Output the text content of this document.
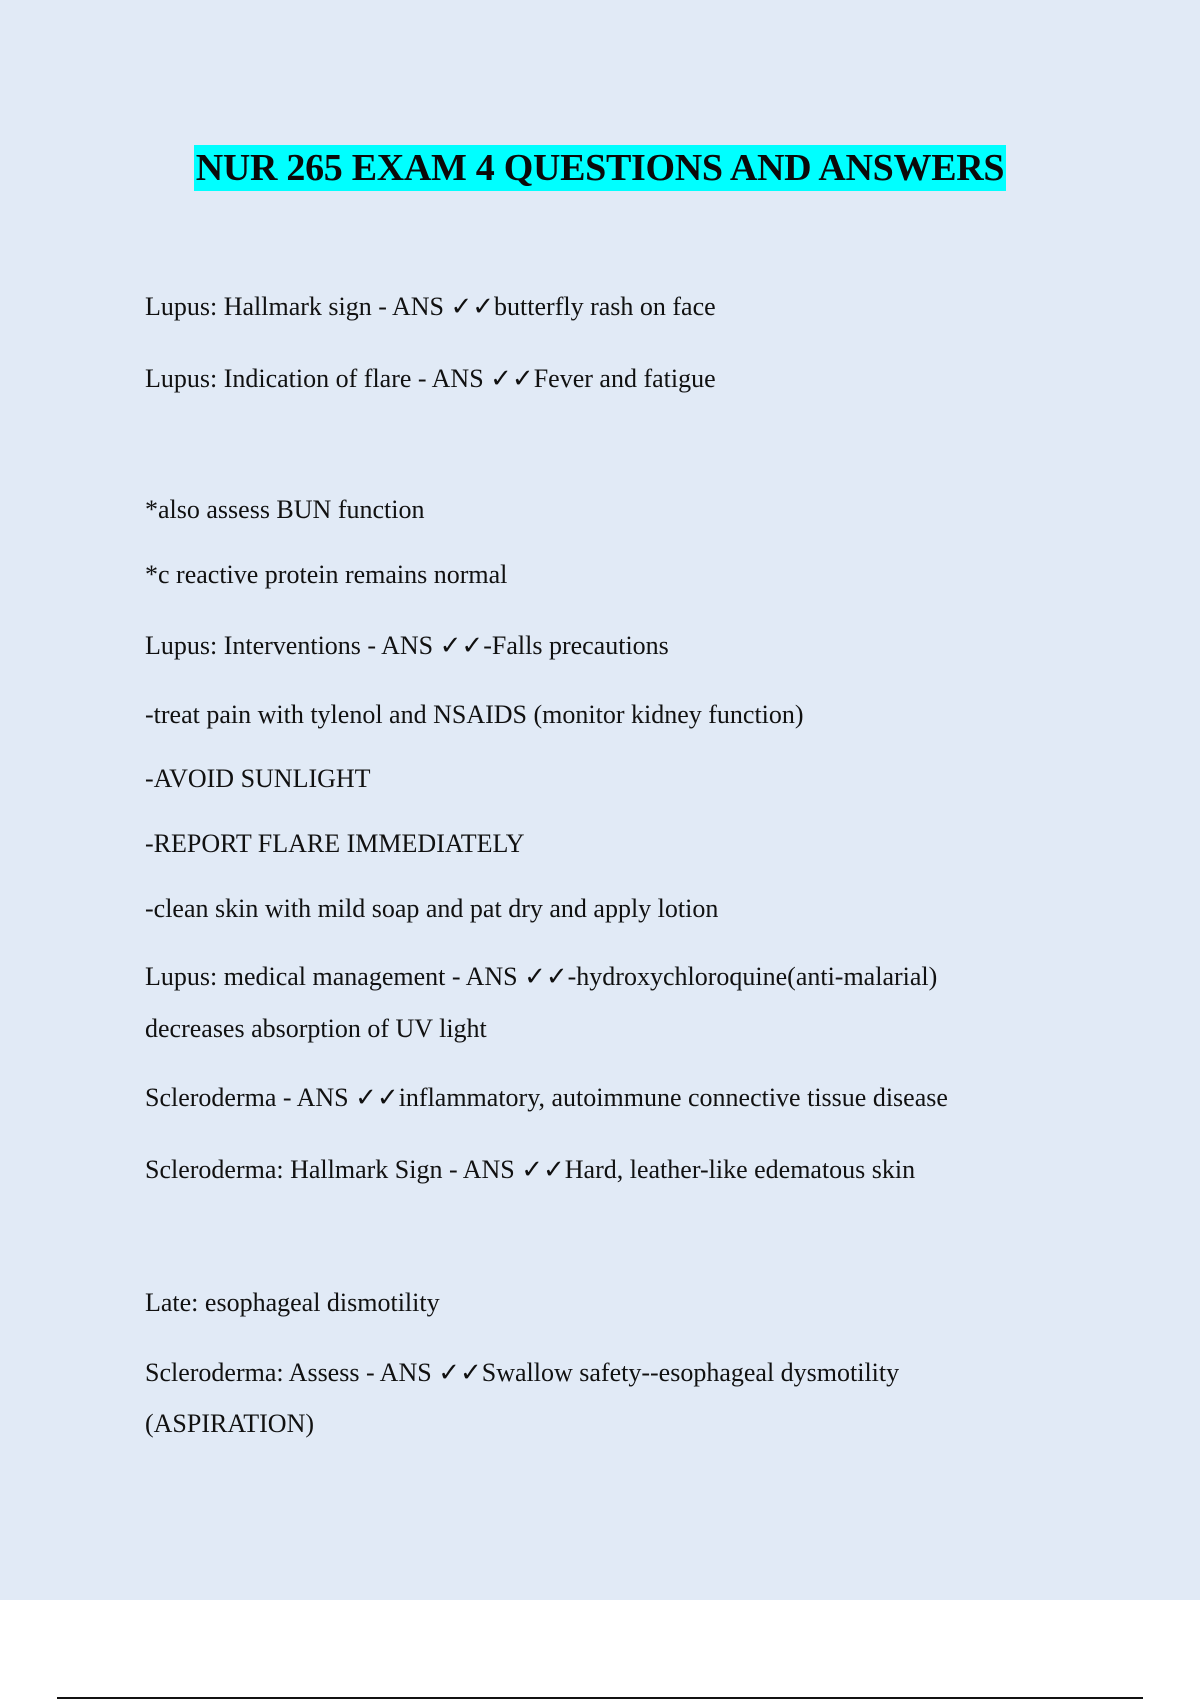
NUR 265 EXAM 4 QUESTIONS AND ANSWERS
Lupus: Hallmark sign - ANS ✓✓butterfly rash on face
Lupus: Indication of flare - ANS ✓✓Fever and fatigue
*also assess BUN function
*c reactive protein remains normal
Lupus: Interventions - ANS ✓✓-Falls precautions
-treat pain with tylenol and NSAIDS (monitor kidney function)
-AVOID SUNLIGHT
-REPORT FLARE IMMEDIATELY
-clean skin with mild soap and pat dry and apply lotion
Lupus: medical management - ANS ✓✓-hydroxychloroquine(anti-malarial)
decreases absorption of UV light
Scleroderma - ANS ✓✓inflammatory, autoimmune connective tissue disease
Scleroderma: Hallmark Sign - ANS ✓✓Hard, leather-like edematous skin
Late: esophageal dismotility
Scleroderma: Assess - ANS ✓✓Swallow safety--esophageal dysmotility
(ASPIRATION)
